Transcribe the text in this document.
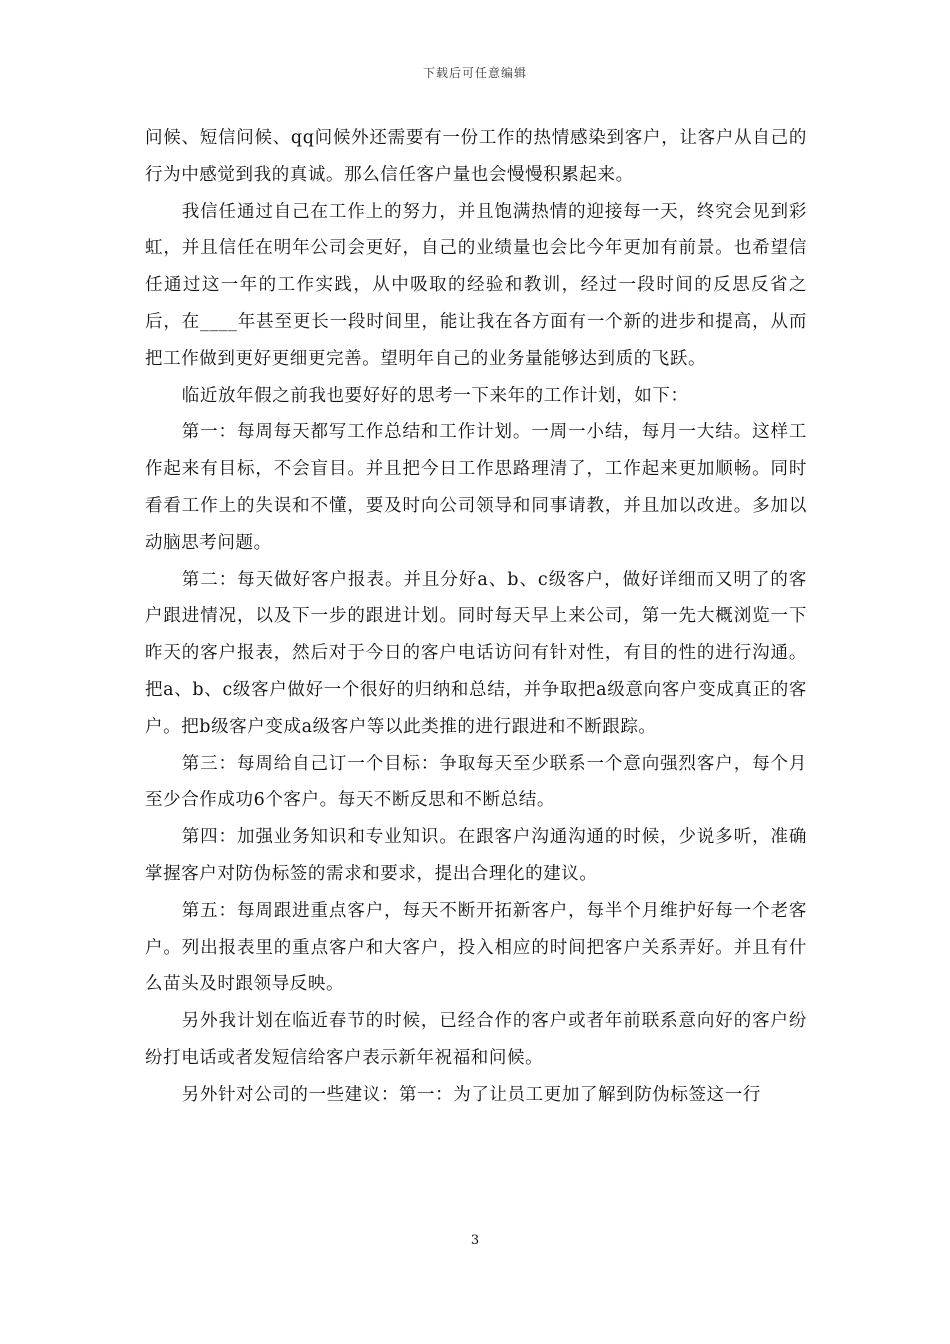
下载后可任意编辑

问候、短信问候、qq问候外还需要有一份工作的热情感染到客户，让客户从自己的行为中感觉到我的真诚。那么信任客户量也会慢慢积累起来。

我信任通过自己在工作上的努力，并且饱满热情的迎接每一天，终究会见到彩虹，并且信任在明年公司会更好，自己的业绩量也会比今年更加有前景。也希望信任通过这一年的工作实践，从中吸取的经验和教训，经过一段时间的反思反省之后，在____年甚至更长一段时间里，能让我在各方面有一个新的进步和提高，从而把工作做到更好更细更完善。望明年自己的业务量能够达到质的飞跃。

临近放年假之前我也要好好的思考一下来年的工作计划，如下：

第一：每周每天都写工作总结和工作计划。一周一小结，每月一大结。这样工作起来有目标，不会盲目。并且把今日工作思路理清了，工作起来更加顺畅。同时看看工作上的失误和不懂，要及时向公司领导和同事请教，并且加以改进。多加以动脑思考问题。

第二：每天做好客户报表。并且分好a、b、c级客户，做好详细而又明了的客户跟进情况，以及下一步的跟进计划。同时每天早上来公司，第一先大概浏览一下昨天的客户报表，然后对于今日的客户电话访问有针对性，有目的性的进行沟通。把a、b、c级客户做好一个很好的归纳和总结，并争取把a级意向客户变成真正的客户。把b级客户变成a级客户等以此类推的进行跟进和不断跟踪。

第三：每周给自己订一个目标：争取每天至少联系一个意向强烈客户，每个月至少合作成功6个客户。每天不断反思和不断总结。

第四：加强业务知识和专业知识。在跟客户沟通沟通的时候，少说多听，准确掌握客户对防伪标签的需求和要求，提出合理化的建议。

第五：每周跟进重点客户，每天不断开拓新客户，每半个月维护好每一个老客户。列出报表里的重点客户和大客户，投入相应的时间把客户关系弄好。并且有什么苗头及时跟领导反映。

另外我计划在临近春节的时候，已经合作的客户或者年前联系意向好的客户纷纷打电话或者发短信给客户表示新年祝福和问候。

另外针对公司的一些建议：第一：为了让员工更加了解到防伪标签这一行

3
